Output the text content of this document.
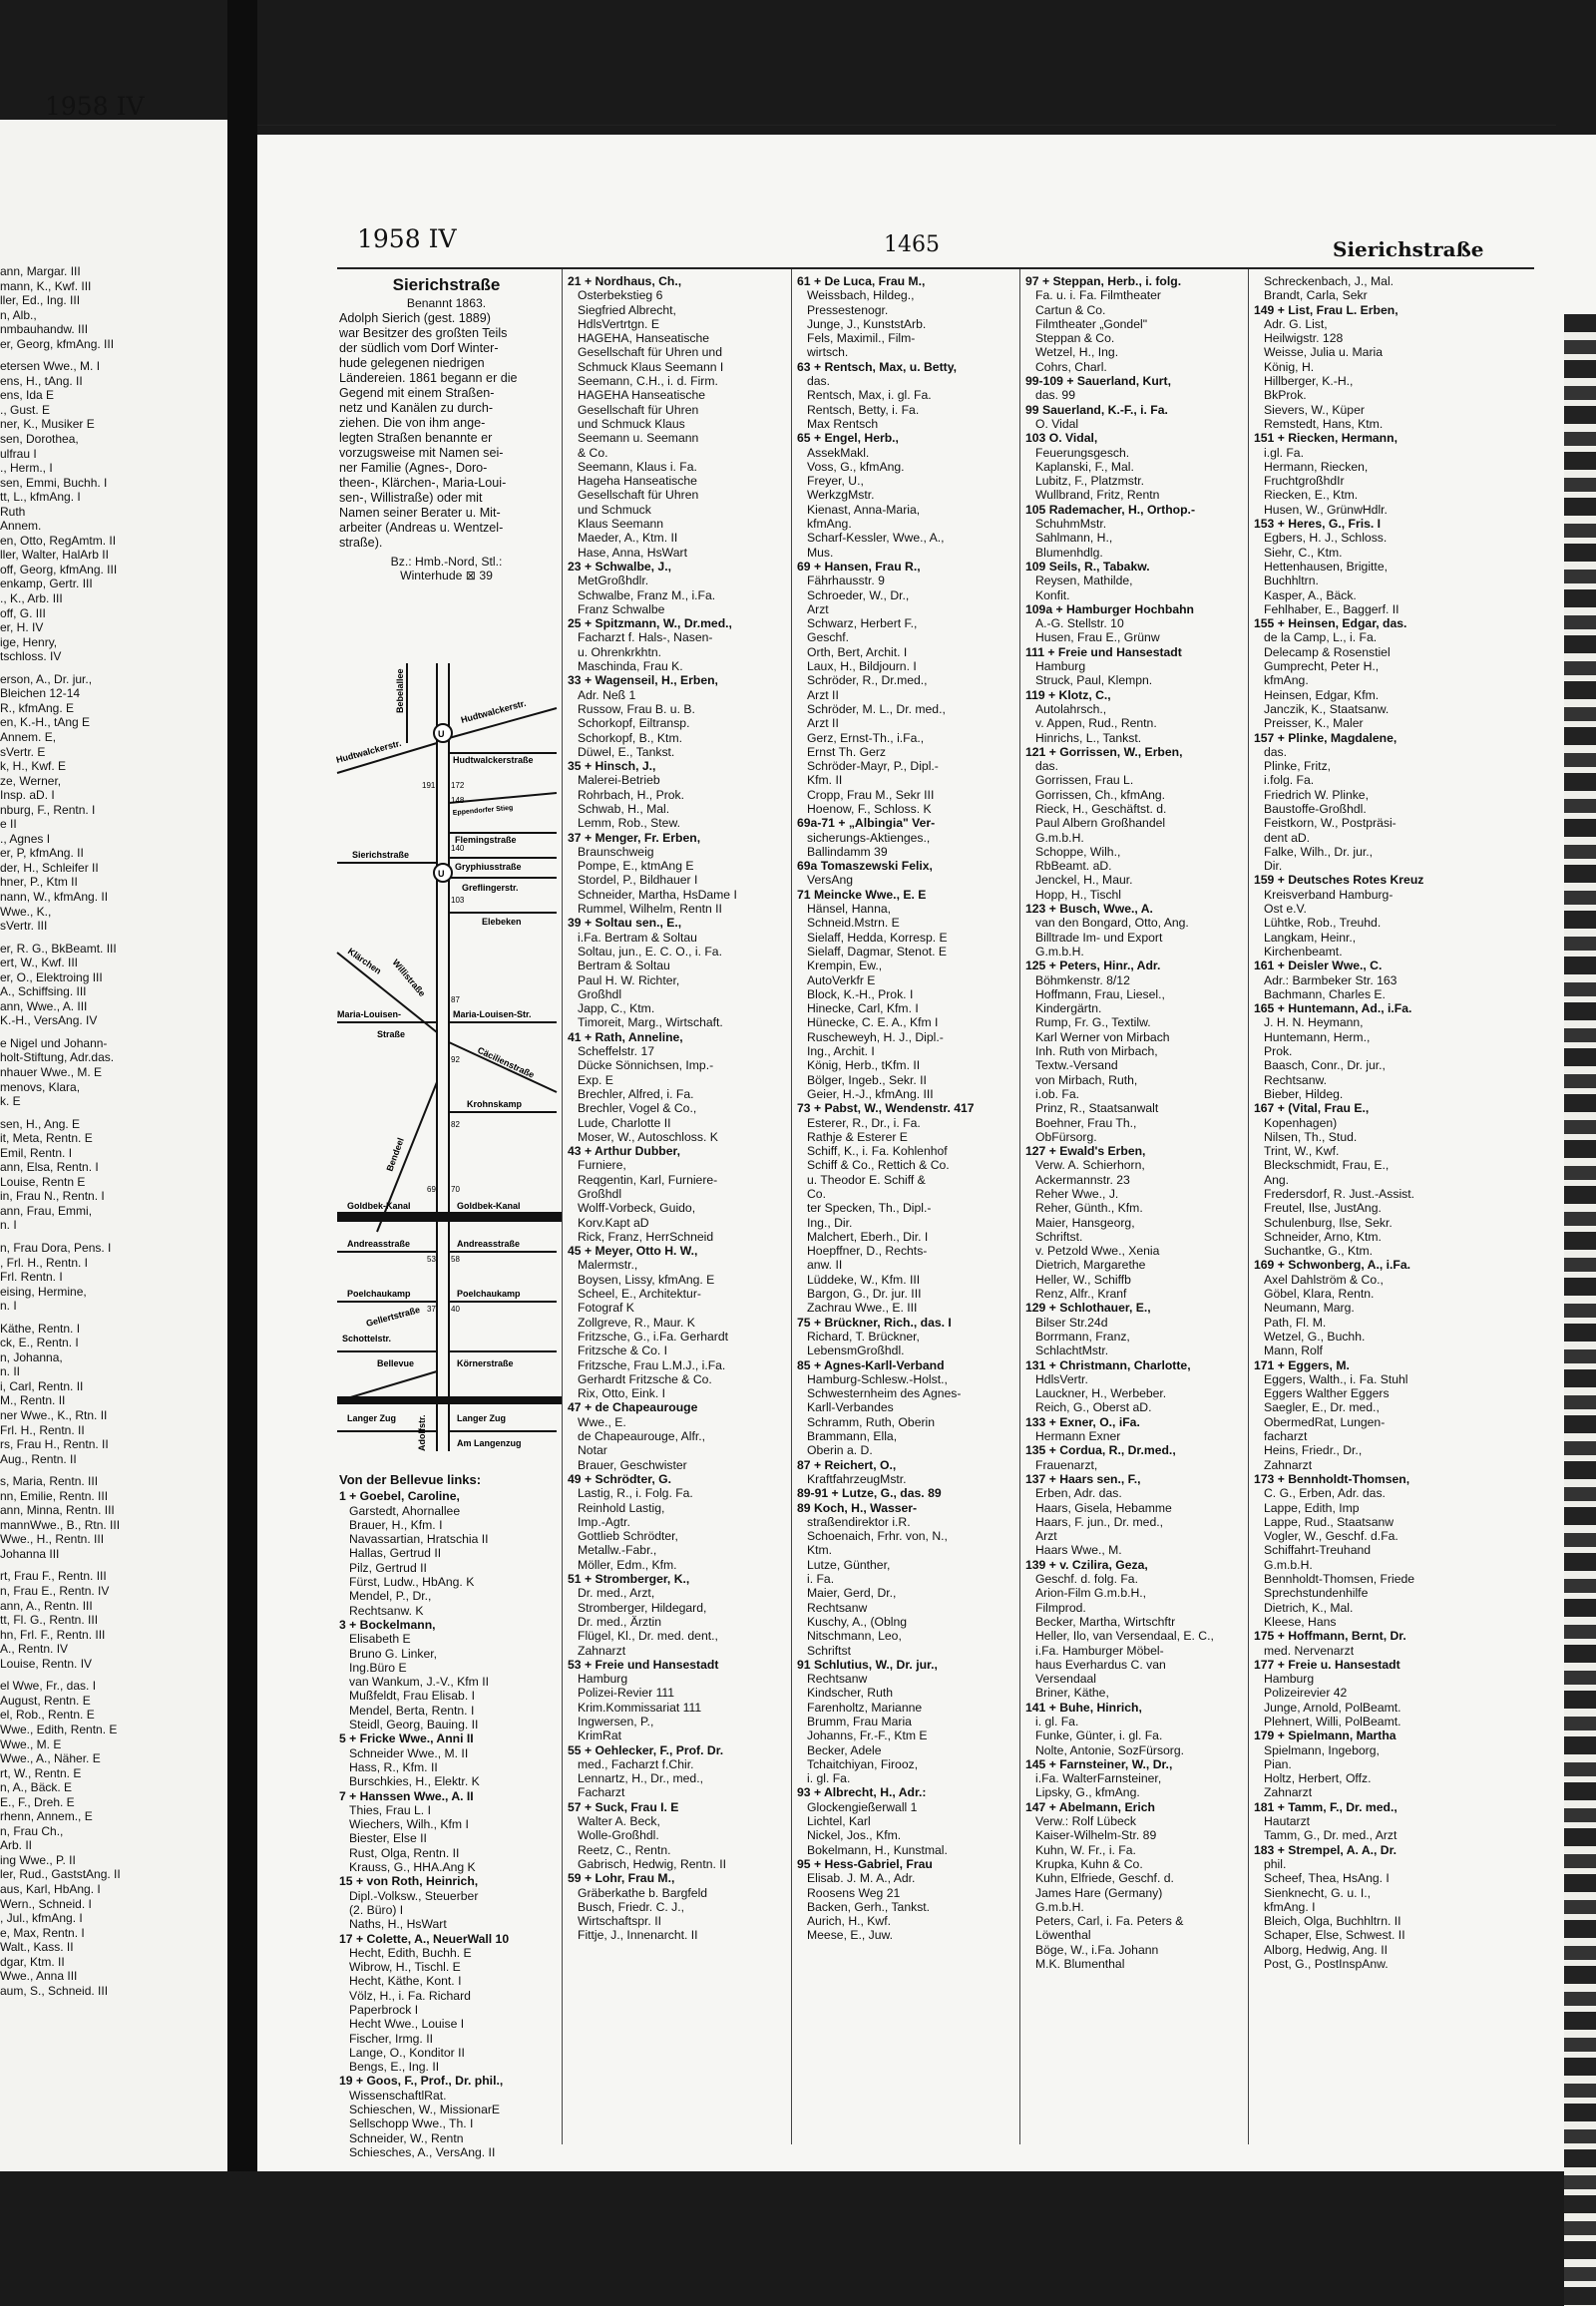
1958 IV
ann, Margar. III
mann, K., Kwf. III
ller, Ed., Ing. III
n, Alb.,
nmbauhandw. III
er, Georg, kfmAng. III
etersen Wwe., M. I
ens, H., tAng. II
ens, Ida E
., Gust. E
ner, K., Musiker E
sen, Dorothea,
ulfrau I
., Herm., I
sen, Emmi, Buchh. I
tt, L., kfmAng. I
Ruth
Annem.
en, Otto, RegAmtm. II
ller, Walter, HalArb II
off, Georg, kfmAng. III
enkamp, Gertr. III
., K., Arb. III
off, G. III
er, H. IV
ige, Henry,
tschloss. IV
erson, A., Dr. jur.,
Bleichen 12-14
R., kfmAng. E
en, K.-H., tAng E
Annem. E,
sVertr. E
k, H., Kwf. E
ze, Werner,
Insp. aD. I
nburg, F., Rentn. I
e II
., Agnes I
er, P, kfmAng. II
der, H., Schleifer II
hner, P., Ktm II
nann, W., kfmAng. II
Wwe., K.,
sVertr. III
er, R. G., BkBeamt. III
ert, W., Kwf. III
er, O., Elektroing III
A., Schiffsing. III
ann, Wwe., A. III
K.-H., VersAng. IV
e Nigel und Johann-
holt-Stiftung, Adr.das.
nhauer Wwe., M. E
menovs, Klara,
k. E
sen, H., Ang. E
it, Meta, Rentn. E
Emil, Rentn. I
ann, Elsa, Rentn. I
Louise, Rentn E
in, Frau N., Rentn. I
ann, Frau, Emmi,
n. I
n, Frau Dora, Pens. I
, Frl. H., Rentn. I
Frl. Rentn. I
eising, Hermine,
n. I
Käthe, Rentn. I
ck, E., Rentn. I
n, Johanna,
n. II
i, Carl, Rentn. II
M., Rentn. II
ner Wwe., K., Rtn. II
Frl. H., Rentn. II
rs, Frau H., Rentn. II
Aug., Rentn. II
s, Maria, Rentn. III
nn, Emilie, Rentn. III
ann, Minna, Rentn. III
mannWwe., B., Rtn. III
Wwe., H., Rentn. III
Johanna III
rt, Frau F., Rentn. III
n, Frau E., Rentn. IV
ann, A., Rentn. III
tt, Fl. G., Rentn. III
hn, Frl. F., Rentn. III
A., Rentn. IV
Louise, Rentn. IV
el Wwe, Fr., das. I
August, Rentn. E
el, Rob., Rentn. E
Wwe., Edith, Rentn. E
Wwe., M. E
Wwe., A., Näher. E
rt, W., Rentn. E
n, A., Bäck. E
E., F., Dreh. E
rhenn, Annem., E
n, Frau Ch.,
Arb. II
ing Wwe., P. II
ler, Rud., GaststAng. II
aus, Karl, HbAng. I
Wern., Schneid. I
, Jul., kfmAng. I
e, Max, Rentn. I
Walt., Kass. II
dgar, Ktm. II
Wwe., Anna III
aum, S., Schneid. III
1958 IV	1465	Sierichstraße
Sierichstraße
Benannt 1863.
Adolph Sierich (gest. 1889)
war Besitzer des großten Teils
der südlich vom Dorf Winter-
hude gelegenen niedrigen
Ländereien. 1861 begann er die
Gegend mit einem Straßen-
netz und Kanälen zu durch-
ziehen. Die von ihm ange-
legten Straßen benannte er
vorzugsweise mit Namen sei-
ner Familie (Agnes-, Doro-
theen-, Klärchen-, Maria-Loui-
sen-, Willistraße) oder mit
Namen seiner Berater u. Mit-
arbeiter (Andreas u. Wentzel-
straße).
Bz.: Hmb.-Nord, Stl.:
Winterhude ⊠ 39
U
U
Bebelallee	Hudtwalckerstr.
Hudtwalckerstr.	Hudtwalckerstraße
Eppendorfer Stieg
Flemingstraße
Gryphiusstraße
Sierichstraße
Greflingerstr.
Elebeken
Klärchen Willistraße
Maria-Louisen-
Straße
Maria-Louisen-Str.
Cäcilienstraße
Krohnskamp
Bendeel
Goldbek-Kanal	Goldbek-Kanal
Andreasstraße	Andreasstraße
Poelchaukamp	Poelchaukamp
Gellertstraße
Schottelstr.
Bellevue	Körnerstraße
Langer Zug	Langer Zug
Am Langenzug
Adolfstr.
191 172
148
140
103
87
92
82
69 70
53 58
37 40
Von der Bellevue links:
1 + Goebel, Caroline,
Garstedt, Ahornallee
Brauer, H., Kfm. I
Navassartian, Hratschia II
Hallas, Gertrud II
Pilz, Gertrud II
Fürst, Ludw., HbAng. K
Mendel, P., Dr.,
Rechtsanw. K
3 + Bockelmann,
Elisabeth E
Bruno G. Linker,
Ing.Büro E
van Wankum, J.-V., Kfm II
Mußfeldt, Frau Elisab. I
Mendel, Berta, Rentn. I
Steidl, Georg, Bauing. II
5 + Fricke Wwe., Anni II
Schneider Wwe., M. II
Hass, R., Kfm. II
Burschkies, H., Elektr. K
7 + Hanssen Wwe., A. II
Thies, Frau L. I
Wiechers, Wilh., Kfm I
Biester, Else II
Rust, Olga, Rentn. II
Krauss, G., HHA.Ang K
15 + von Roth, Heinrich,
Dipl.-Volksw., Steuerber
(2. Büro) I
Naths, H., HsWart
17 + Colette, A., NeuerWall 10
Hecht, Edith, Buchh. E
Wibrow, H., Tischl. E
Hecht, Käthe, Kont. I
Völz, H., i. Fa. Richard
Paperbrock I
Hecht Wwe., Louise I
Fischer, Irmg. II
Lange, O., Konditor II
Bengs, E., Ing. II
19 + Goos, F., Prof., Dr. phil.,
WissenschaftlRat.
Schieschen, W., MissionarE
Sellschopp Wwe., Th. I
Schneider, W., Rentn
Schiesches, A., VersAng. II
21 + Nordhaus, Ch.,
Osterbekstieg 6
Siegfried Albrecht,
HdlsVertrtgn. E
HAGEHA, Hanseatische
Gesellschaft für Uhren und
Schmuck Klaus Seemann I
Seemann, C.H., i. d. Firm.
HAGEHA Hanseatische
Gesellschaft für Uhren
und Schmuck Klaus
Seemann u. Seemann
& Co.
Seemann, Klaus i. Fa.
Hageha Hanseatische
Gesellschaft für Uhren
und Schmuck
Klaus Seemann
Maeder, A., Ktm. II
Hase, Anna, HsWart
23 + Schwalbe, J.,
MetGroßhdlr.
Schwalbe, Franz M., i.Fa.
Franz Schwalbe
25 + Spitzmann, W., Dr.med.,
Facharzt f. Hals-, Nasen-
u. Ohrenkrkhtn.
Maschinda, Frau K.
33 + Wagenseil, H., Erben,
Adr. Neß 1
Russow, Frau B. u. B.
Schorkopf, Eiltransp.
Schorkopf, B., Ktm.
Düwel, E., Tankst.
35 + Hinsch, J.,
Malerei-Betrieb
Rohrbach, H., Prok.
Schwab, H., Mal.
Lemm, Rob., Stew.
37 + Menger, Fr. Erben,
Braunschweig
Pompe, E., ktmAng E
Stordel, P., Bildhauer I
Schneider, Martha, HsDame I
Rummel, Wilhelm, Rentn II
39 + Soltau sen., E.,
i.Fa. Bertram & Soltau
Soltau, jun., E. C. O., i. Fa.
Bertram & Soltau
Paul H. W. Richter,
Großhdl
Japp, C., Ktm.
Timoreit, Marg., Wirtschaft.
41 + Rath, Anneline,
Scheffelstr. 17
Dücke Sönnichsen, Imp.-
Exp. E
Brechler, Alfred, i. Fa.
Brechler, Vogel & Co.,
Lude, Charlotte II
Moser, W., Autoschloss. K
43 + Arthur Dubber,
Furniere,
Reqgentin, Karl, Furniere-
Großhdl
Wolff-Vorbeck, Guido,
Korv.Kapt aD
Rick, Franz, HerrSchneid
45 + Meyer, Otto H. W.,
Malermstr.,
Boysen, Lissy, kfmAng. E
Scheel, E., Architektur-
Fotograf K
Zollgreve, R., Maur. K
Fritzsche, G., i.Fa. Gerhardt
Fritzsche & Co. I
Fritzsche, Frau L.M.J., i.Fa.
Gerhardt Fritzsche & Co.
Rix, Otto, Eink. I
47 + de Chapeaurouge
Wwe., E.
de Chapeaurouge, Alfr.,
Notar
Brauer, Geschwister
49 + Schrödter, G.
Lastig, R., i. Folg. Fa.
Reinhold Lastig,
Imp.-Agtr.
Gottlieb Schrödter,
Metallw.-Fabr.,
Möller, Edm., Kfm.
51 + Stromberger, K.,
Dr. med., Arzt,
Stromberger, Hildegard,
Dr. med., Ärztin
Flügel, Kl., Dr. med. dent.,
Zahnarzt
53 + Freie und Hansestadt
Hamburg
Polizei-Revier 111
Krim.Kommissariat 111
Ingwersen, P.,
KrimRat
55 + Oehlecker, F., Prof. Dr.
med., Facharzt f.Chir.
Lennartz, H., Dr., med.,
Facharzt
57 + Suck, Frau I. E
Walter A. Beck,
Wolle-Großhdl.
Reetz, C., Rentn.
Gabrisch, Hedwig, Rentn. II
59 + Lohr, Frau M.,
Gräberkathe b. Bargfeld
Busch, Friedr. C. J.,
Wirtschaftspr. II
Fittje, J., Innenarcht. II
61 + De Luca, Frau M.,
Weissbach, Hildeg.,
Pressestenogr.
Junge, J., KunststArb.
Fels, Maximil., Film-
wirtsch.
63 + Rentsch, Max, u. Betty,
das.
Rentsch, Max, i. gl. Fa.
Rentsch, Betty, i. Fa.
Max Rentsch
65 + Engel, Herb.,
AssekMakl.
Voss, G., kfmAng.
Freyer, U.,
WerkzgMstr.
Kienast, Anna-Maria,
kfmAng.
Scharf-Kessler, Wwe., A.,
Mus.
69 + Hansen, Frau R.,
Fährhausstr. 9
Schroeder, W., Dr.,
Arzt
Schwarz, Herbert F.,
Geschf.
Orth, Bert, Archit. I
Laux, H., Bildjourn. I
Schröder, R., Dr.med.,
Arzt II
Schröder, M. L., Dr. med.,
Arzt II
Gerz, Ernst-Th., i.Fa.,
Ernst Th. Gerz
Schröder-Mayr, P., Dipl.-
Kfm. II
Cropp, Frau M., Sekr III
Hoenow, F., Schloss. K
69a-71 + „Albingia" Ver-
sicherungs-Aktienges.,
Ballindamm 39
69a Tomaszewski Felix,
VersAng
71 Meincke Wwe., E. E
Hänsel, Hanna,
Schneid.Mstrn. E
Sielaff, Hedda, Korresp. E
Sielaff, Dagmar, Stenot. E
Krempin, Ew.,
AutoVerkfr E
Block, K.-H., Prok. I
Hinecke, Carl, Kfm. I
Hünecke, C. E. A., Kfm I
Ruscheweyh, H. J., Dipl.-
Ing., Archit. I
König, Herb., tKfm. II
Bölger, Ingeb., Sekr. II
Geier, H.-J., kfmAng. III
73 + Pabst, W., Wendenstr. 417
Esterer, R., Dr., i. Fa.
Rathje & Esterer E
Schiff, K., i. Fa. Kohlenhof
Schiff & Co., Rettich & Co.
u. Theodor E. Schiff &
Co.
ter Specken, Th., Dipl.-
Ing., Dir.
Malchert, Eberh., Dir. I
Hoepffner, D., Rechts-
anw. II
Lüddeke, W., Kfm. III
Bargon, G., Dr. jur. III
Zachrau Wwe., E. III
75 + Brückner, Rich., das. I
Richard, T. Brückner,
LebensmGroßhdl.
85 + Agnes-Karll-Verband
Hamburg-Schlesw.-Holst.,
Schwesternheim des Agnes-
Karll-Verbandes
Schramm, Ruth, Oberin
Brammann, Ella,
Oberin a. D.
87 + Reichert, O.,
KraftfahrzeugMstr.
89-91 + Lutze, G., das. 89
89 Koch, H., Wasser-
straßendirektor i.R.
Schoenaich, Frhr. von, N.,
Ktm.
Lutze, Günther,
i. Fa.
Maier, Gerd, Dr.,
Rechtsanw
Kuschy, A., (Oblng
Nitschmann, Leo,
Schriftst
91 Schlutius, W., Dr. jur.,
Rechtsanw
Kindscher, Ruth
Farenholtz, Marianne
Brumm, Frau Maria
Johanns, Fr.-F., Ktm E
Becker, Adele
Tchaitchiyan, Firooz,
i. gl. Fa.
93 + Albrecht, H., Adr.:
Glockengießerwall 1
Lichtel, Karl
Nickel, Jos., Kfm.
Bokelmann, H., Kunstmal.
95 + Hess-Gabriel, Frau
Elisab. J. M. A., Adr.
Roosens Weg 21
Backen, Gerh., Tankst.
Aurich, H., Kwf.
Meese, E., Juw.
97 + Steppan, Herb., i. folg.
Fa. u. i. Fa. Filmtheater
Cartun & Co.
Filmtheater „Gondel"
Steppan & Co.
Wetzel, H., Ing.
Cohrs, Charl.
99-109 + Sauerland, Kurt,
das. 99
99 Sauerland, K.-F., i. Fa.
O. Vidal
103 O. Vidal,
Feuerungsgesch.
Kaplanski, F., Mal.
Lubitz, F., Platzmstr.
Wullbrand, Fritz, Rentn
105 Rademacher, H., Orthop.-
SchuhmMstr.
Sahlmann, H.,
Blumenhdlg.
109 Seils, R., Tabakw.
Reysen, Mathilde,
Konfit.
109a + Hamburger Hochbahn
A.-G. Stellstr. 10
Husen, Frau E., Grünw
111 + Freie und Hansestadt
Hamburg
Struck, Paul, Klempn.
119 + Klotz, C.,
Autolahrsch.,
v. Appen, Rud., Rentn.
Hinrichs, L., Tankst.
121 + Gorrissen, W., Erben,
das.
Gorrissen, Frau L.
Gorrissen, Ch., kfmAng.
Rieck, H., Geschäftst. d.
Paul Albern Großhandel
G.m.b.H.
Schoppe, Wilh.,
RbBeamt. aD.
Jenckel, H., Maur.
Hopp, H., Tischl
123 + Busch, Wwe., A.
van den Bongard, Otto, Ang.
Billtrade Im- und Export
G.m.b.H.
125 + Peters, Hinr., Adr.
Böhmkenstr. 8/12
Hoffmann, Frau, Liesel.,
Kindergärtn.
Rump, Fr. G., Textilw.
Karl Werner von Mirbach
Inh. Ruth von Mirbach,
Textw.-Versand
von Mirbach, Ruth,
i.ob. Fa.
Prinz, R., Staatsanwalt
Boehner, Frau Th.,
ObFürsorg.
127 + Ewald's Erben,
Verw. A. Schierhorn,
Ackermannstr. 23
Reher Wwe., J.
Reher, Günth., Kfm.
Maier, Hansgeorg,
Schriftst.
v. Petzold Wwe., Xenia
Dietrich, Margarethe
Heller, W., Schiffb
Renz, Alfr., Kranf
129 + Schlothauer, E.,
Bilser Str.24d
Borrmann, Franz,
SchlachtMstr.
131 + Christmann, Charlotte,
HdlsVertr.
Lauckner, H., Werbeber.
Reich, G., Oberst aD.
133 + Exner, O., iFa.
Hermann Exner
135 + Cordua, R., Dr.med.,
Frauenarzt,
137 + Haars sen., F.,
Erben, Adr. das.
Haars, Gisela, Hebamme
Haars, F. jun., Dr. med.,
Arzt
Haars Wwe., M.
139 + v. Czilira, Geza,
Geschf. d. folg. Fa.
Arion-Film G.m.b.H.,
Filmprod.
Becker, Martha, Wirtschftr
Heller, Ilo, van Versendaal, E. C.,
i.Fa. Hamburger Möbel-
haus Everhardus C. van
Versendaal
Briner, Käthe,
141 + Buhe, Hinrich,
i. gl. Fa.
Funke, Günter, i. gl. Fa.
Nolte, Antonie, SozFürsorg.
145 + Farnsteiner, W., Dr.,
i.Fa. WalterFarnsteiner,
Lipsky, G., kfmAng.
147 + Abelmann, Erich
Verw.: Rolf Lübeck
Kaiser-Wilhelm-Str. 89
Kuhn, W. Fr., i. Fa.
Krupka, Kuhn & Co.
Kuhn, Elfriede, Geschf. d.
James Hare (Germany)
G.m.b.H.
Peters, Carl, i. Fa. Peters &
Löwenthal
Böge, W., i.Fa. Johann
M.K. Blumenthal
Schreckenbach, J., Mal.
Brandt, Carla, Sekr
149 + List, Frau L. Erben,
Adr. G. List,
Heilwigstr. 128
Weisse, Julia u. Maria
König, H.
Hillberger, K.-H.,
BkProk.
Sievers, W., Küper
Remstedt, Hans, Ktm.
151 + Riecken, Hermann,
i.gl. Fa.
Hermann, Riecken,
FruchtgroßhdIr
Riecken, E., Ktm.
Husen, W., GrünwHdlr.
153 + Heres, G., Fris. I
Egbers, H. J., Schloss.
Siehr, C., Ktm.
Hettenhausen, Brigitte,
Buchhltrn.
Kasper, A., Bäck.
Fehlhaber, E., Baggerf. II
155 + Heinsen, Edgar, das.
de la Camp, L., i. Fa.
Delecamp & Rosenstiel
Gumprecht, Peter H.,
kfmAng.
Heinsen, Edgar, Kfm.
Janczik, K., Staatsanw.
Preisser, K., Maler
157 + Plinke, Magdalene,
das.
Plinke, Fritz,
i.folg. Fa.
Friedrich W. Plinke,
Baustoffe-Großhdl.
Feistkorn, W., Postpräsi-
dent aD.
Falke, Wilh., Dr. jur.,
Dir.
159 + Deutsches Rotes Kreuz
Kreisverband Hamburg-
Ost e.V.
Lühtke, Rob., Treuhd.
Langkam, Heinr.,
Kirchenbeamt.
161 + Deisler Wwe., C.
Adr.: Barmbeker Str. 163
Bachmann, Charles E.
165 + Huntemann, Ad., i.Fa.
J. H. N. Heymann,
Huntemann, Herm.,
Prok.
Baasch, Conr., Dr. jur.,
Rechtsanw.
Bieber, Hildeg.
167 + (Vital, Frau E.,
Kopenhagen)
Nilsen, Th., Stud.
Trint, W., Kwf.
Bleckschmidt, Frau, E.,
Ang.
Fredersdorf, R. Just.-Assist.
Freutel, Ilse, JustAng.
Schulenburg, Ilse, Sekr.
Schneider, Arno, Ktm.
Suchantke, G., Ktm.
169 + Schwonberg, A., i.Fa.
Axel Dahlström & Co.,
Göbel, Klara, Rentn.
Neumann, Marg.
Path, Fl. M.
Wetzel, G., Buchh.
Mann, Rolf
171 + Eggers, M.
Eggers, Walth., i. Fa. Stuhl
Eggers Walther Eggers
Saegler, E., Dr. med.,
ObermedRat, Lungen-
facharzt
Heins, Friedr., Dr.,
Zahnarzt
173 + Bennholdt-Thomsen,
C. G., Erben, Adr. das.
Lappe, Edith, Imp
Lappe, Rud., Staatsanw
Vogler, W., Geschf. d.Fa.
Schiffahrt-Treuhand
G.m.b.H.
Bennholdt-Thomsen, Friede
Sprechstundenhilfe
Dietrich, K., Mal.
Kleese, Hans
175 + Hoffmann, Bernt, Dr.
med. Nervenarzt
177 + Freie u. Hansestadt
Hamburg
Polizeirevier 42
Junge, Arnold, PolBeamt.
Plehnert, Willi, PolBeamt.
179 + Spielmann, Martha
Spielmann, Ingeborg,
Pian.
Holtz, Herbert, Offz.
Zahnarzt
181 + Tamm, F., Dr. med.,
Hautarzt
Tamm, G., Dr. med., Arzt
183 + Strempel, A. A., Dr.
phil.
Scheef, Thea, HsAng. I
Sienknecht, G. u. I.,
kfmAng. I
Bleich, Olga, Buchhltrn. II
Schaper, Else, Schwest. II
Alborg, Hedwig, Ang. II
Post, G., PostInspAnw.
